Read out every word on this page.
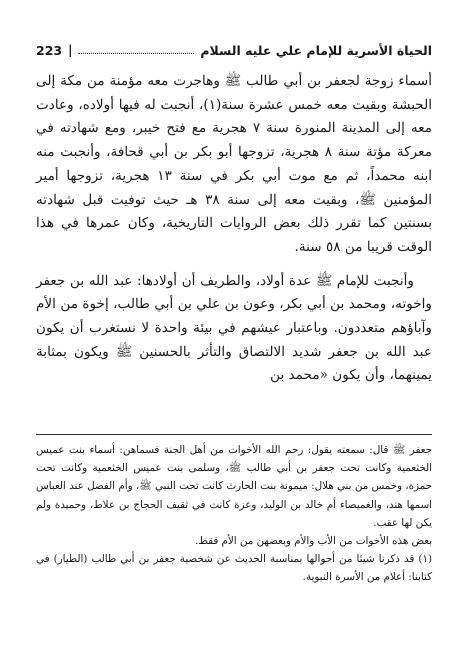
الحياة الأسرية للإمام علي عليه السلام
|
223

أسماء زوجة لجعفر بن أبي طالب ﷺ وهاجرت معه مؤمنة من مكة إلى الحبشة وبقيت معه خمس عشرة سنة(١)، أنجبت له فيها أولاده، وعادت معه إلى المدينة المنورة سنة ٧ هجرية مع فتح خيبر، ومع شهادته في معركة مؤتة سنة ٨ هجرية، تزوجها أبو بكر بن أبي قحافة، وأنجبت منه ابنه محمداً، ثم مع موت أبي بكر في سنة ١٣ هجرية، تزوجها أمير المؤمنين ﷺ، وبقيت معه إلى سنة ٣٨ هـ حيث توفيت قبل شهادته بسنتين كما تقرر ذلك بعض الروايات التاريخية، وكان عمرها في هذا الوقت قريبا من ٥٨ سنة.

وأنجبت للإمام ﷺ عدة أولاد، والطريف أن أولادها: عبد الله بن جعفر واخوته، ومحمد بن أبي بكر، وعون بن علي بن أبي طالب، إخوة من الأم وآباؤهم متعددون. وباعتبار عيشهم في بيئة واحدة لا نستغرب أن يكون عبد الله بن جعفر شديد الالتصاق والتأثر بالحسنين ﷺ ويكون بمثابة يمينهما، وأن يكون «محمد بن

جعفر ﷺ قال: سمعته يقول: رحم الله الأخوات من أهل الجنة فسماهن: أسماء بنت عميس الخثعمية وكانت تحت جعفر بن أبي طالب ﷺ، وسلمى بنت عميس الخثعمية وكانت تحت حمزة، وخمس من بني هلال: ميمونة بنت الحارث كانت تحت النبي ﷺ، وأم الفضل عند العباس اسمها هند، والغميصاء أم خالد بن الوليد، وعزة كانت في ثقيف الحجاج بن علاط، وحميدة ولم يكن لها عقب.

بعض هذه الأخوات من الأب والأم وبعضهن من الأم فقط.

(١) قد ذكرنا شيئا من أحوالها بمناسبة الحديث عن شخصية جعفر بن أبي طالب (الطيار) في كتابنا: أعلام من الأسرة النبوية.
